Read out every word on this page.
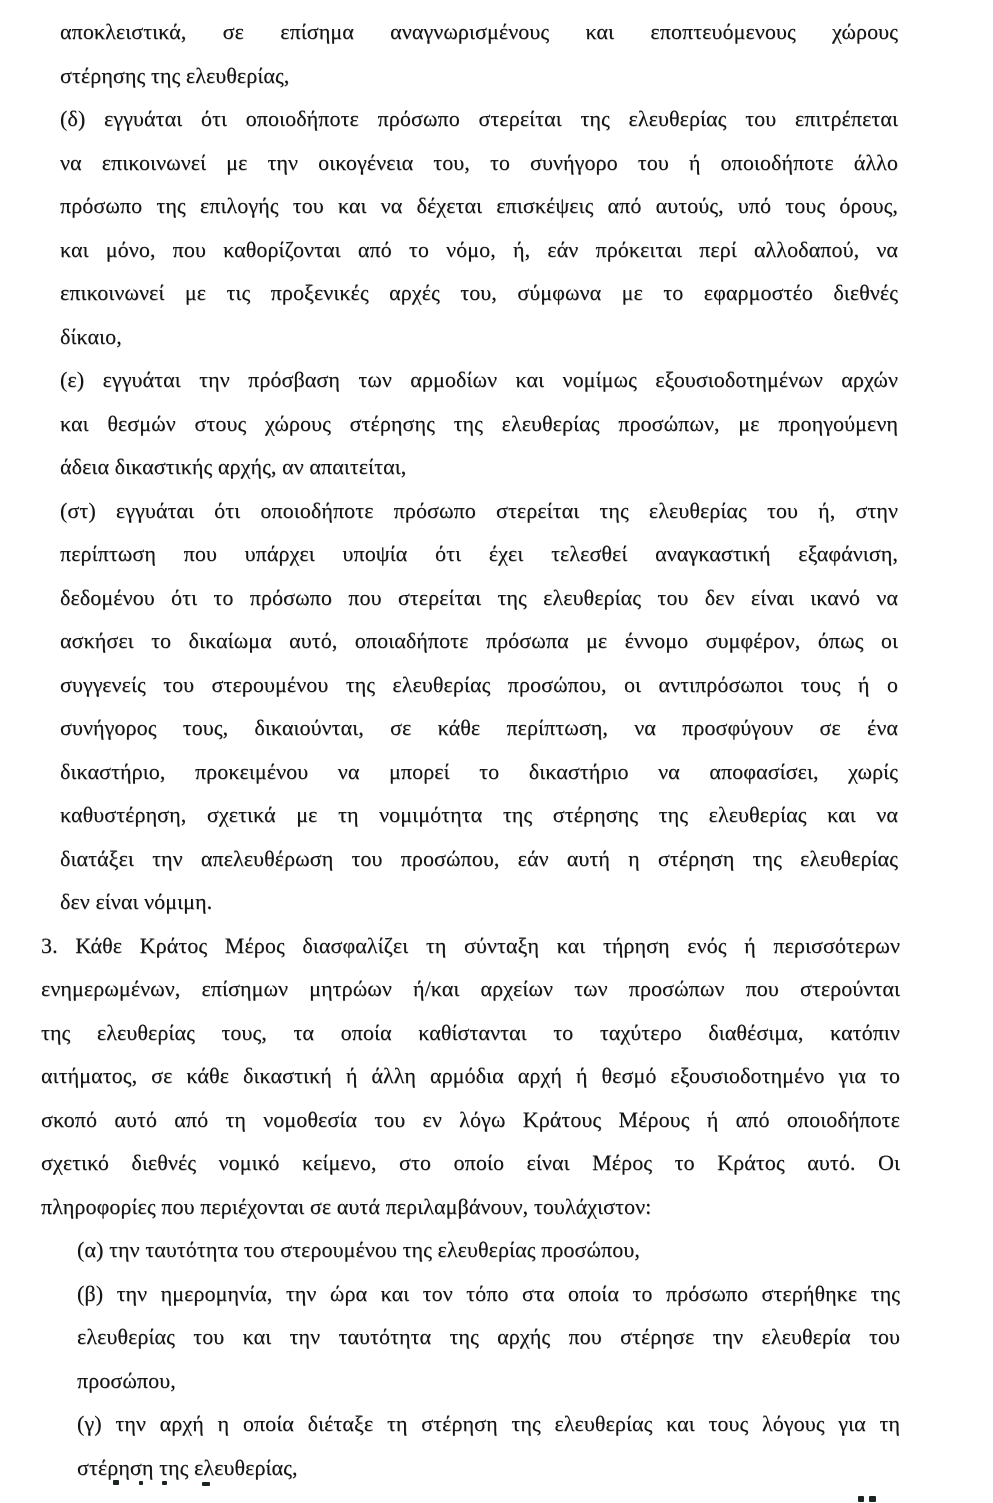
αποκλειστικά, σε επίσημα αναγνωρισμένους και εποπτευόμενους χώρους
στέρησης της ελευθερίας,
(δ) εγγυάται ότι οποιοδήποτε πρόσωπο στερείται της ελευθερίας του επιτρέπεται
να επικοινωνεί με την οικογένεια του, το συνήγορο του ή οποιοδήποτε άλλο
πρόσωπο της επιλογής του και να δέχεται επισκέψεις από αυτούς, υπό τους όρους,
και μόνο, που καθορίζονται από το νόμο, ή, εάν πρόκειται περί αλλοδαπού, να
επικοινωνεί με τις προξενικές αρχές του, σύμφωνα με το εφαρμοστέο διεθνές
δίκαιο,
(ε) εγγυάται την πρόσβαση των αρμοδίων και νομίμως εξουσιοδοτημένων αρχών
και θεσμών στους χώρους στέρησης της ελευθερίας προσώπων, με προηγούμενη
άδεια δικαστικής αρχής, αν απαιτείται,
(στ) εγγυάται ότι οποιοδήποτε πρόσωπο στερείται της ελευθερίας του ή, στην
περίπτωση που υπάρχει υποψία ότι έχει τελεσθεί αναγκαστική εξαφάνιση,
δεδομένου ότι το πρόσωπο που στερείται της ελευθερίας του δεν είναι ικανό να
ασκήσει το δικαίωμα αυτό, οποιαδήποτε πρόσωπα με έννομο συμφέρον, όπως οι
συγγενείς του στερουμένου της ελευθερίας προσώπου, οι αντιπρόσωποι τους ή ο
συνήγορος τους, δικαιούνται, σε κάθε περίπτωση, να προσφύγουν σε ένα
δικαστήριο, προκειμένου να μπορεί το δικαστήριο να αποφασίσει, χωρίς
καθυστέρηση, σχετικά με τη νομιμότητα της στέρησης της ελευθερίας και να
διατάξει την απελευθέρωση του προσώπου, εάν αυτή η στέρηση της ελευθερίας
δεν είναι νόμιμη.
3. Κάθε Κράτος Μέρος διασφαλίζει τη σύνταξη και τήρηση ενός ή περισσότερων
ενημερωμένων, επίσημων μητρώων ή/και αρχείων των προσώπων που στερούνται
της ελευθερίας τους, τα οποία καθίστανται το ταχύτερο διαθέσιμα, κατόπιν
αιτήματος, σε κάθε δικαστική ή άλλη αρμόδια αρχή ή θεσμό εξουσιοδοτημένο για το
σκοπό αυτό από τη νομοθεσία του εν λόγω Κράτους Μέρους ή από οποιοδήποτε
σχετικό διεθνές νομικό κείμενο, στο οποίο είναι Μέρος το Κράτος αυτό. Οι
πληροφορίες που περιέχονται σε αυτά περιλαμβάνουν, τουλάχιστον:
(α) την ταυτότητα του στερουμένου της ελευθερίας προσώπου,
(β) την ημερομηνία, την ώρα και τον τόπο στα οποία το πρόσωπο στερήθηκε της
ελευθερίας του και την ταυτότητα της αρχής που στέρησε την ελευθερία του
προσώπου,
(γ) την αρχή η οποία διέταξε τη στέρηση της ελευθερίας και τους λόγους για τη
στέρηση της ελευθερίας,
